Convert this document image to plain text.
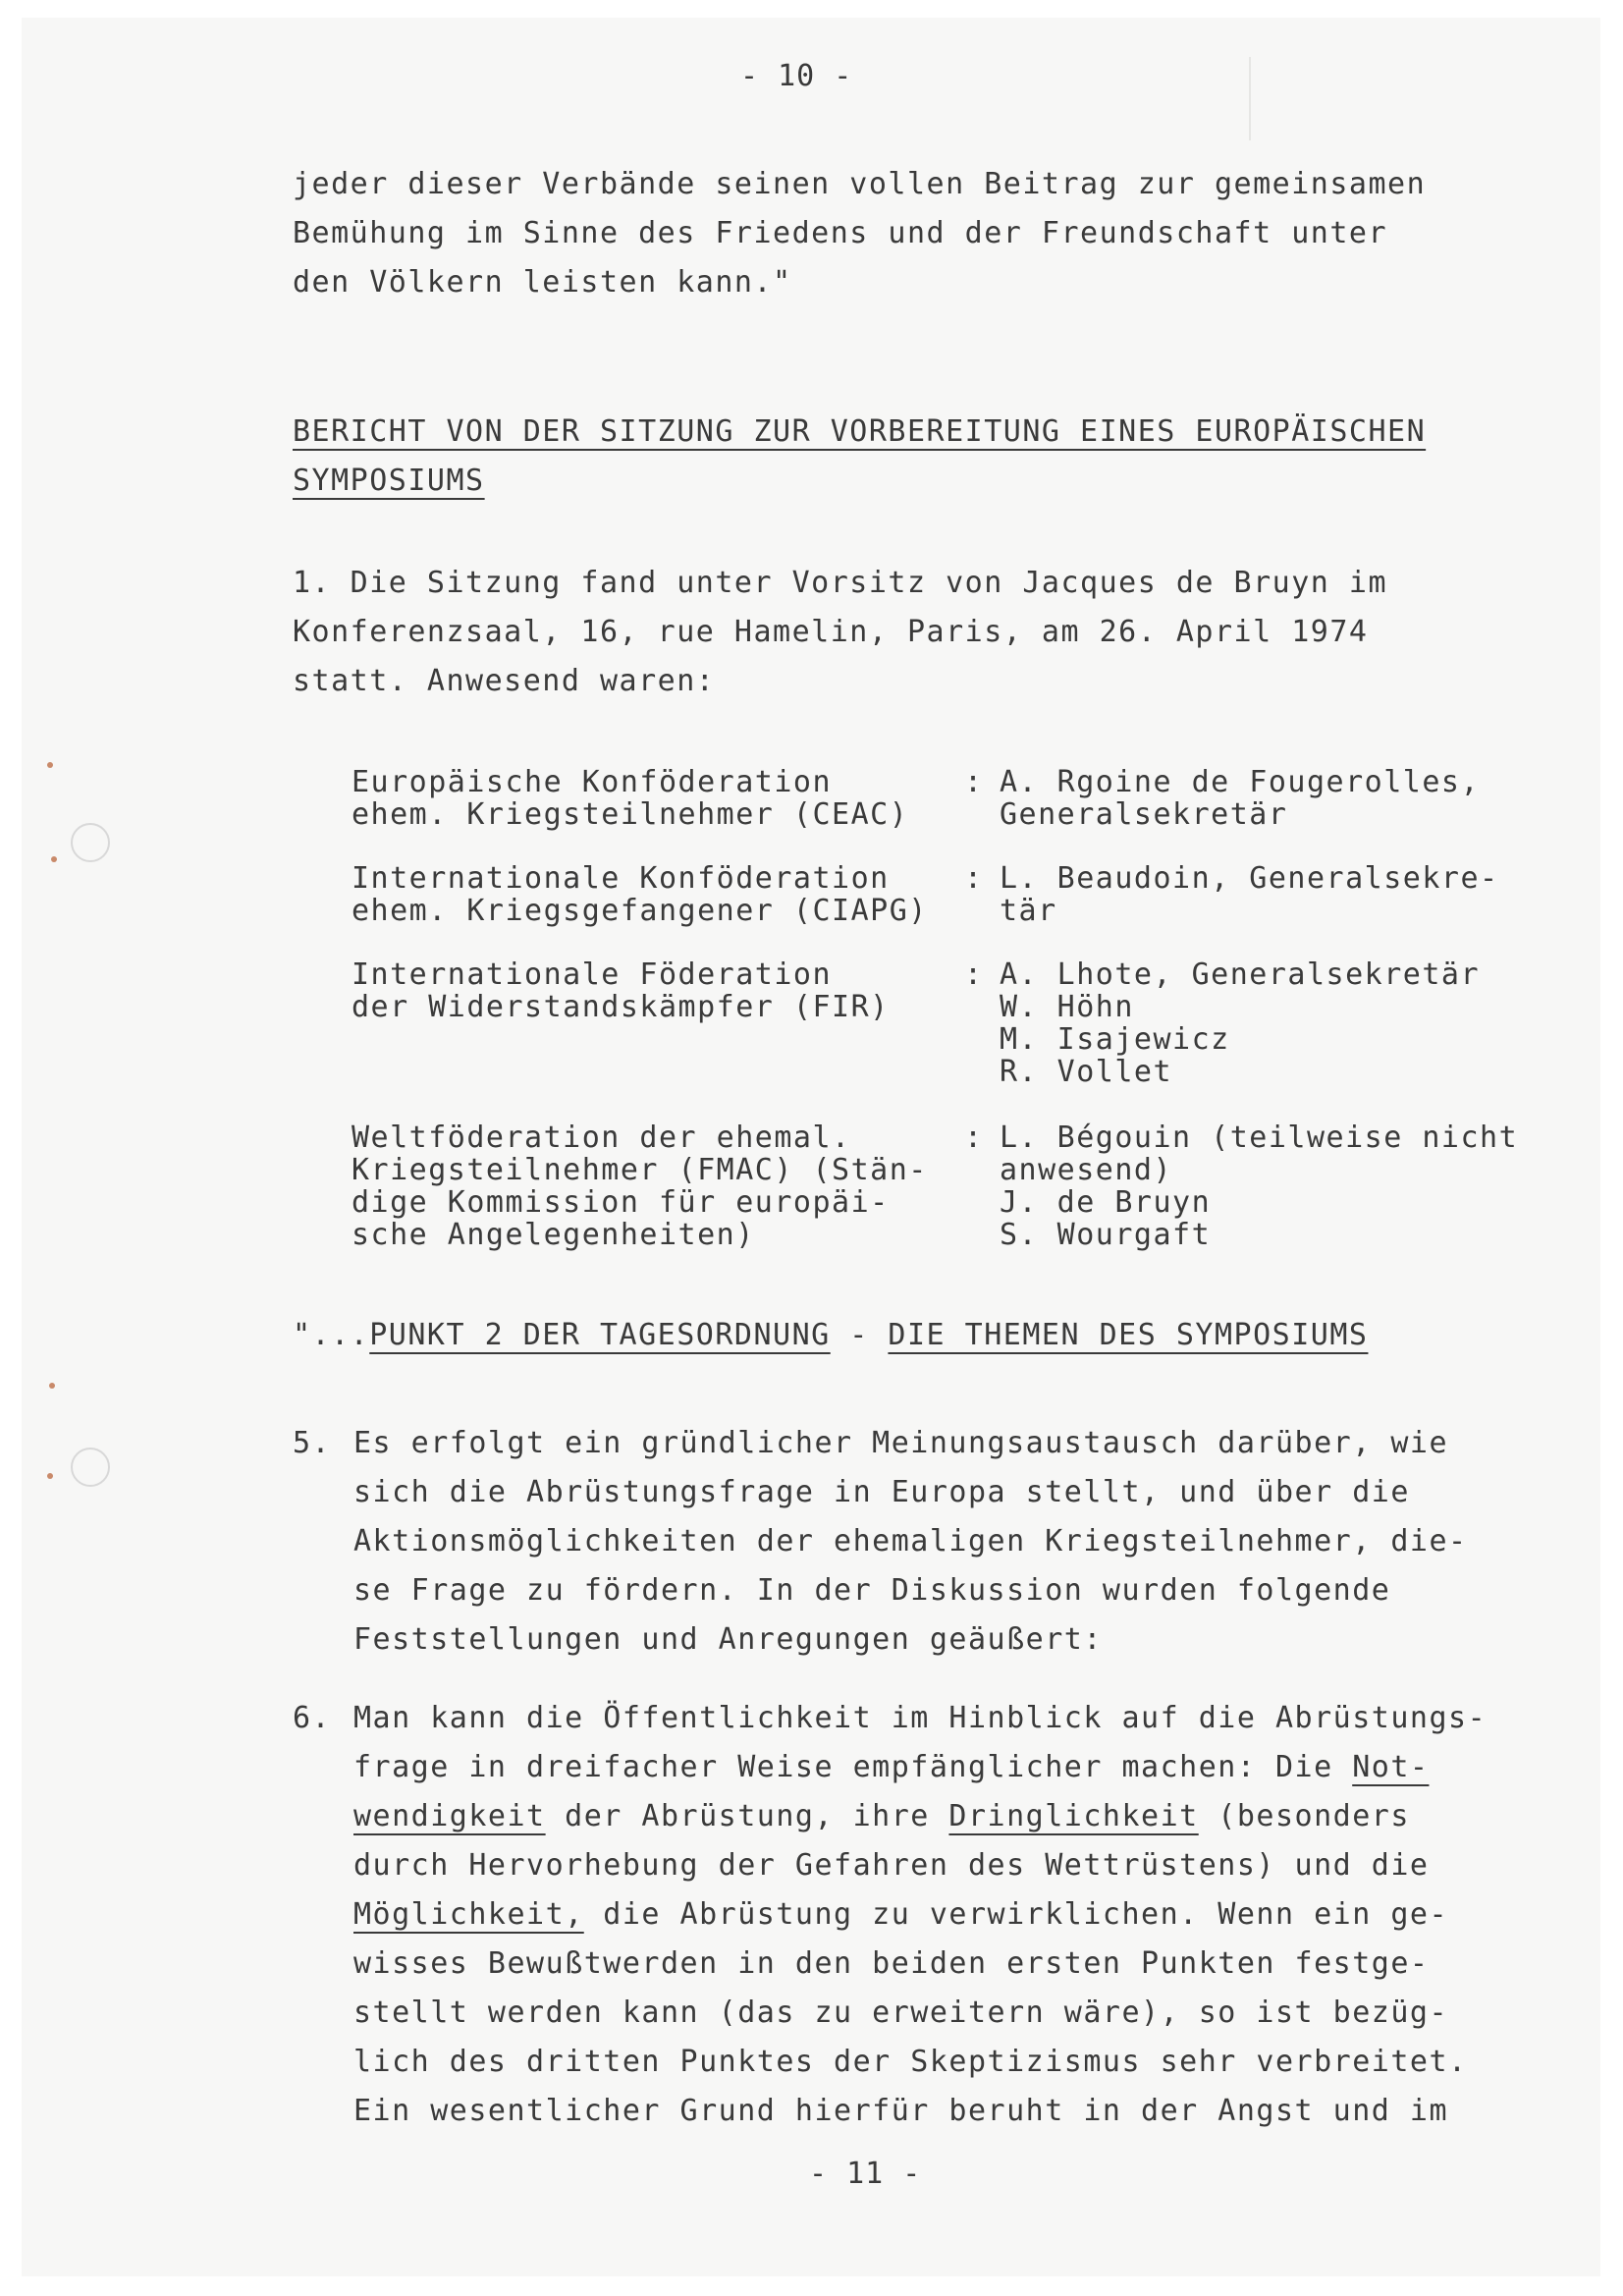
- 10 -
jeder dieser Verbände seinen vollen Beitrag zur gemeinsamen
Bemühung im Sinne des Friedens und der Freundschaft unter
den Völkern leisten kann."
BERICHT VON DER SITZUNG ZUR VORBEREITUNG EINES EUROPÄISCHEN
SYMPOSIUMS
1. Die Sitzung fand unter Vorsitz von Jacques de Bruyn im
Konferenzsaal, 16, rue Hamelin, Paris, am 26. April 1974
statt. Anwesend waren:
Europäische Konföderation
ehem. Kriegsteilnehmer (CEAC)
: A. Rgoine de Fougerolles,
Generalsekretär
Internationale Konföderation
ehem. Kriegsgefangener (CIAPG)
: L. Beaudoin, Generalsekre-
tär
Internationale Föderation
der Widerstandskämpfer (FIR)
: A. Lhote, Generalsekretär
W. Höhn
M. Isajewicz
R. Vollet
Weltföderation der ehemal.
Kriegsteilnehmer (FMAC) (Stän-
dige Kommission für europäi-
sche Angelegenheiten)
: L. Bégouin (teilweise nicht
anwesend)
J. de Bruyn
S. Wourgaft
"...PUNKT 2 DER TAGESORDNUNG - DIE THEMEN DES SYMPOSIUMS
5. Es erfolgt ein gründlicher Meinungsaustausch darüber, wie
sich die Abrüstungsfrage in Europa stellt, und über die
Aktionsmöglichkeiten der ehemaligen Kriegsteilnehmer, die-
se Frage zu fördern. In der Diskussion wurden folgende
Feststellungen und Anregungen geäußert:
6. Man kann die Öffentlichkeit im Hinblick auf die Abrüstungs-
frage in dreifacher Weise empfänglicher machen: Die Not-
wendigkeit der Abrüstung, ihre Dringlichkeit (besonders
durch Hervorhebung der Gefahren des Wettrüstens) und die
Möglichkeit, die Abrüstung zu verwirklichen. Wenn ein ge-
wisses Bewußtwerden in den beiden ersten Punkten festge-
stellt werden kann (das zu erweitern wäre), so ist bezüg-
lich des dritten Punktes der Skeptizismus sehr verbreitet.
Ein wesentlicher Grund hierfür beruht in der Angst und im
- 11 -
